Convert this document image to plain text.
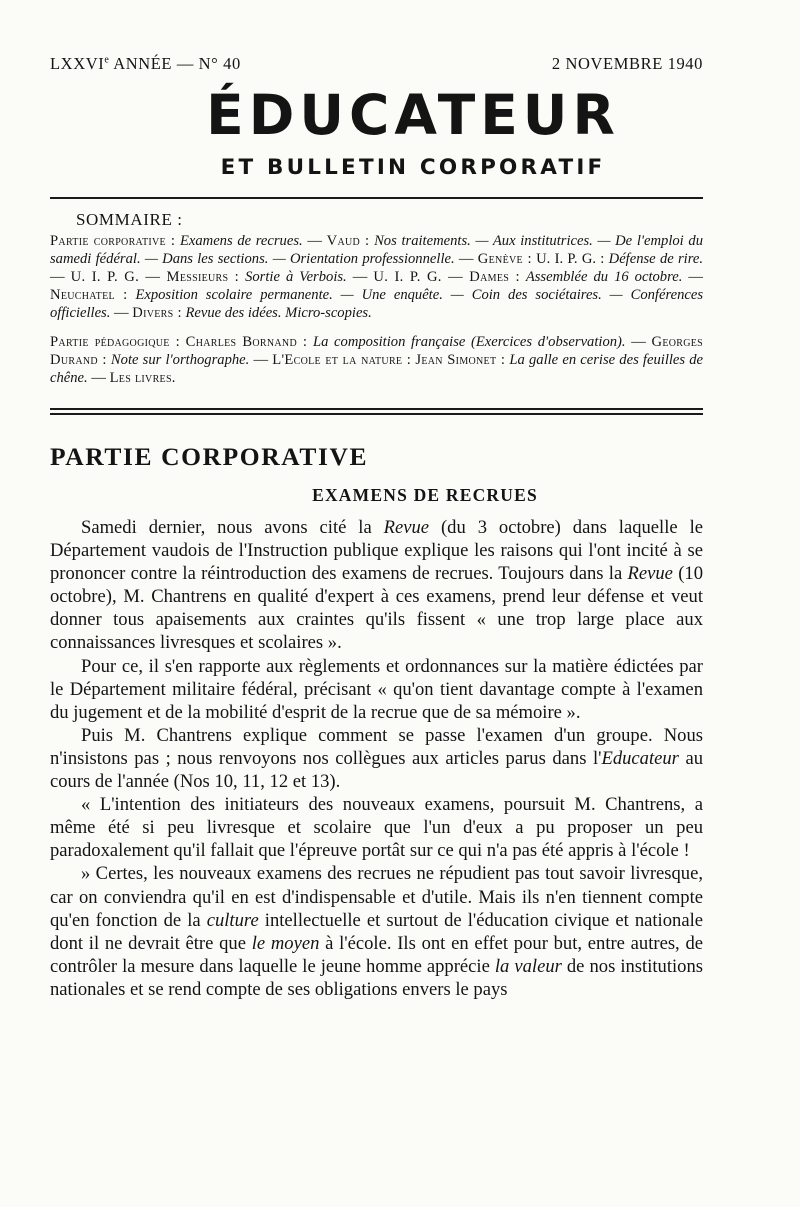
LXXVIe ANNÉE — N° 40	2 NOVEMBRE 1940
ÉDUCATEUR
ET BULLETIN CORPORATIF
SOMMAIRE :
Partie corporative : Examens de recrues. — Vaud : Nos traitements. — Aux institutrices. — De l'emploi du samedi fédéral. — Dans les sections. — Orientation professionnelle. — Genève : U. I. P. G. : Défense de rire. — U. I. P. G. — Messieurs : Sortie à Verbois. — U. I. P. G. — Dames : Assemblée du 16 octobre. — Neuchatel : Exposition scolaire permanente. — Une enquête. — Coin des sociétaires. — Conférences officielles. — Divers : Revue des idées. Micro-scopies.
Partie pédagogique : Charles Bornand : La composition française (Exercices d'observation). — Georges Durand : Note sur l'orthographe. — L'Ecole et la nature : Jean Simonet : La galle en cerise des feuilles de chêne. — Les livres.
PARTIE CORPORATIVE
EXAMENS DE RECRUES

Samedi dernier, nous avons cité la Revue (du 3 octobre) dans laquelle le Département vaudois de l'Instruction publique explique les raisons qui l'ont incité à se prononcer contre la réintroduction des examens de recrues. Toujours dans la Revue (10 octobre), M. Chantrens en qualité d'expert à ces examens, prend leur défense et veut donner tous apaisements aux craintes qu'ils fissent « une trop large place aux connaissances livresques et scolaires ».

Pour ce, il s'en rapporte aux règlements et ordonnances sur la matière édictées par le Département militaire fédéral, précisant « qu'on tient davantage compte à l'examen du jugement et de la mobilité d'esprit de la recrue que de sa mémoire ».

Puis M. Chantrens explique comment se passe l'examen d'un groupe. Nous n'insistons pas ; nous renvoyons nos collègues aux articles parus dans l'Educateur au cours de l'année (Nos 10, 11, 12 et 13).

« L'intention des initiateurs des nouveaux examens, poursuit M. Chantrens, a même été si peu livresque et scolaire que l'un d'eux a pu proposer un peu paradoxalement qu'il fallait que l'épreuve portât sur ce qui n'a pas été appris à l'école !

» Certes, les nouveaux examens des recrues ne répudient pas tout savoir livresque, car on conviendra qu'il en est d'indispensable et d'utile. Mais ils n'en tiennent compte qu'en fonction de la culture intellectuelle et surtout de l'éducation civique et nationale dont il ne devrait être que le moyen à l'école. Ils ont en effet pour but, entre autres, de contrôler la mesure dans laquelle le jeune homme apprécie la valeur de nos institutions nationales et se rend compte de ses obligations envers le pays
